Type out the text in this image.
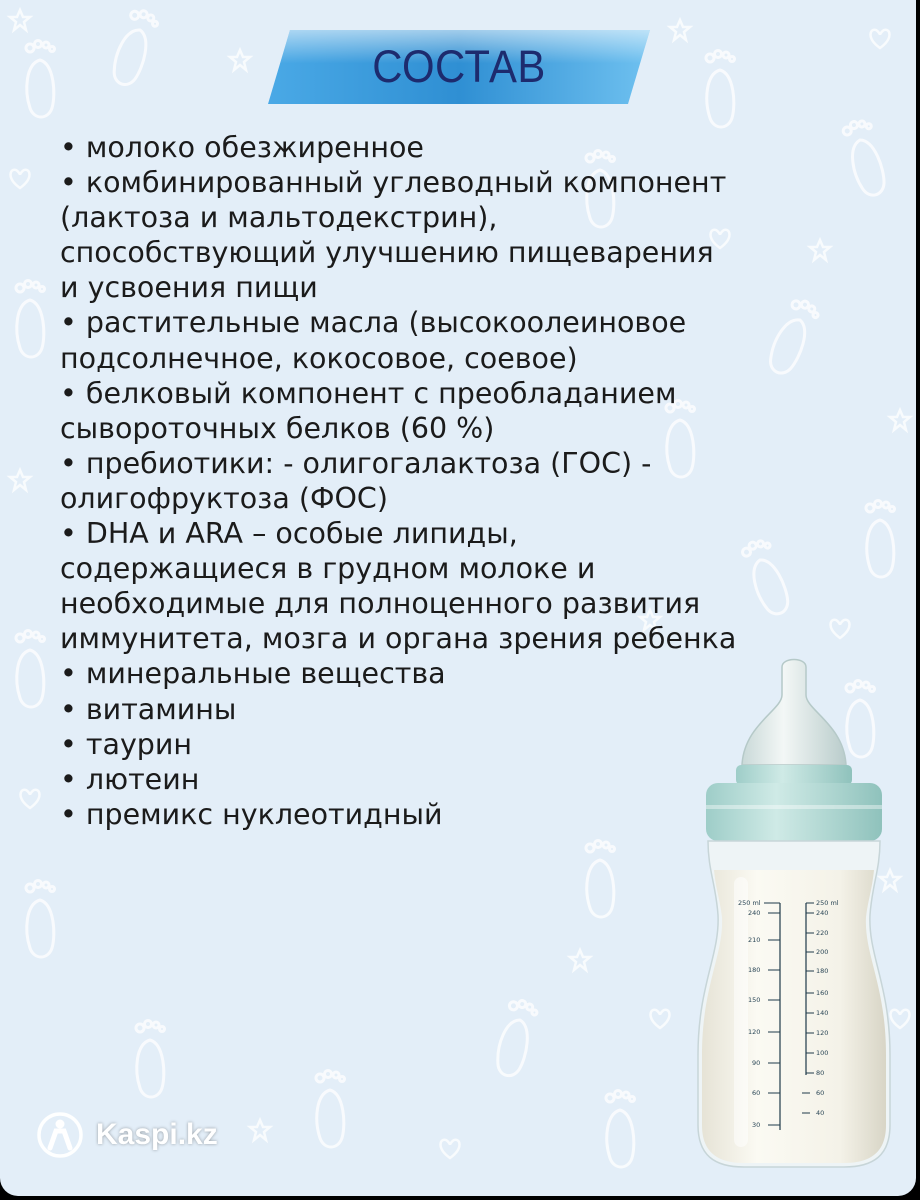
СОСТАВ
• молоко обезжиренное
• комбинированный углеводный компонент (лактоза и мальтодекстрин), способствующий улучшению пищеварения и усвоения пищи
• растительные масла (высокоолеиновое подсолнечное, кокосовое, соевое)
• белковый компонент с преобладанием сывороточных белков (60 %)
• пребиотики: - олигогалактоза (ГОС) - олигофруктоза (ФОС)
• DHA и ARA – особые липиды, содержащиеся в грудном молоке и необходимые для полноценного развития иммунитета, мозга и органа зрения ребенка
• минеральные вещества
• витамины
• таурин
• лютеин
• премикс нуклеотидный
250 ml
240
210
180
150
120
90
60
30
250 ml
240
220
200
180
160
140
120
100
80
60
40
Kaspi.kz
